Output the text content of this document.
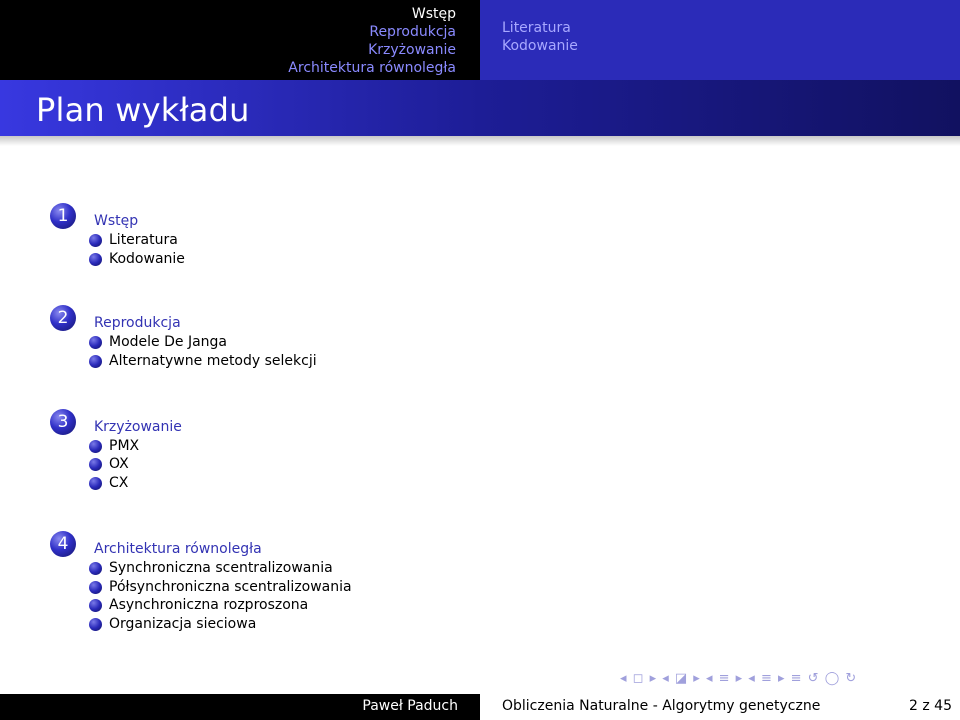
Wstęp
Reprodukcja
Krzyżowanie
Architektura równoległa
Literatura
Kodowanie
Plan wykładu
1	Wstęp
Literatura
Kodowanie
2	Reprodukcja
Modele De Janga
Alternatywne metody selekcji
3	Krzyżowanie
PMX
OX
CX
4	Architektura równoległa
Synchroniczna scentralizowania
Półsynchroniczna scentralizowania
Asynchroniczna rozproszona
Organizacja sieciowa
◂ ◻ ▸ ◂ ◪ ▸ ◂ ≡ ▸ ◂ ≡ ▸ ≡ ↺ ◯ ↻
Paweł Paduch	Obliczenia Naturalne - Algorytmy genetyczne	2 z 45
